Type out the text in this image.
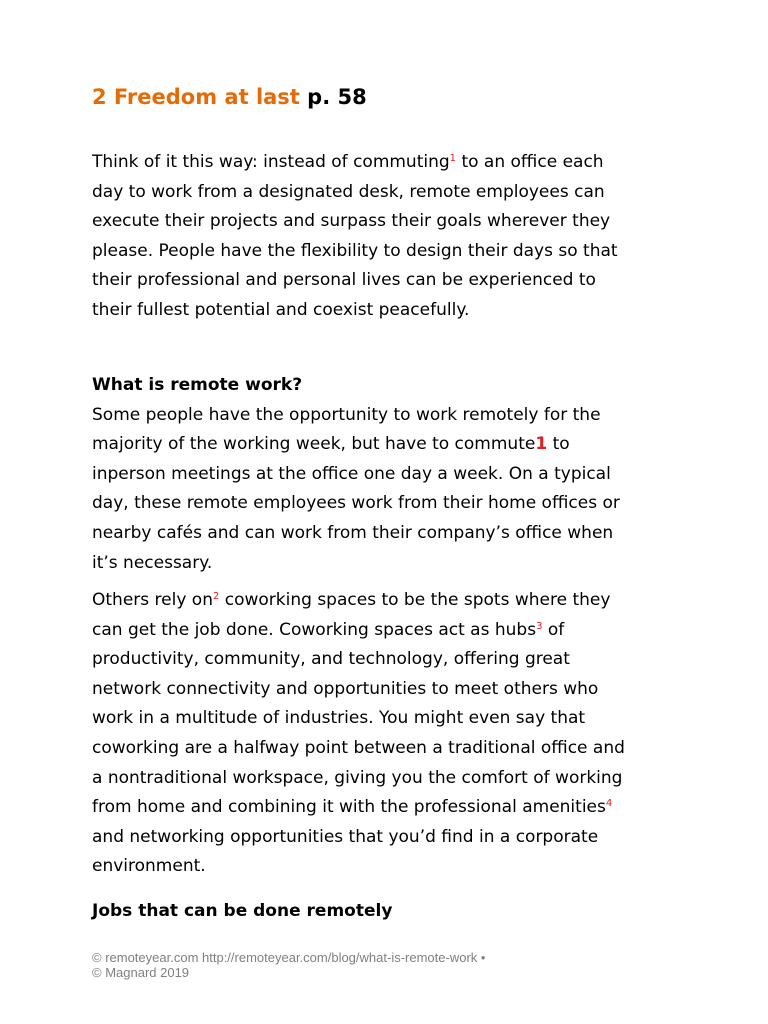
2 Freedom at last p. 58

Think of it this way: instead of commuting$^1$ to an office each day to work from a designated desk, remote employees can execute their projects and surpass their goals wherever they please. People have the flexibility to design their days so that their professional and personal lives can be experienced to their fullest potential and coexist peacefully.

What is remote work?

Some people have the opportunity to work remotely for the majority of the working week, but have to commute1 to inperson meetings at the office one day a week. On a typical day, these remote employees work from their home offices or nearby cafés and can work from their company’s office when it’s necessary.

Others rely on$^2$ coworking spaces to be the spots where they can get the job done. Coworking spaces act as hubs$^3$ of productivity, community, and technology, offering great network connectivity and opportunities to meet others who work in a multitude of industries. You might even say that coworking are a halfway point between a traditional office and a nontraditional workspace, giving you the comfort of working from home and combining it with the professional amenities$^4$ and networking opportunities that you’d find in a corporate environment.

Jobs that can be done remotely
© remoteyear.com http://remoteyear.com/blog/what-is-remote-work •
© Magnard 2019
